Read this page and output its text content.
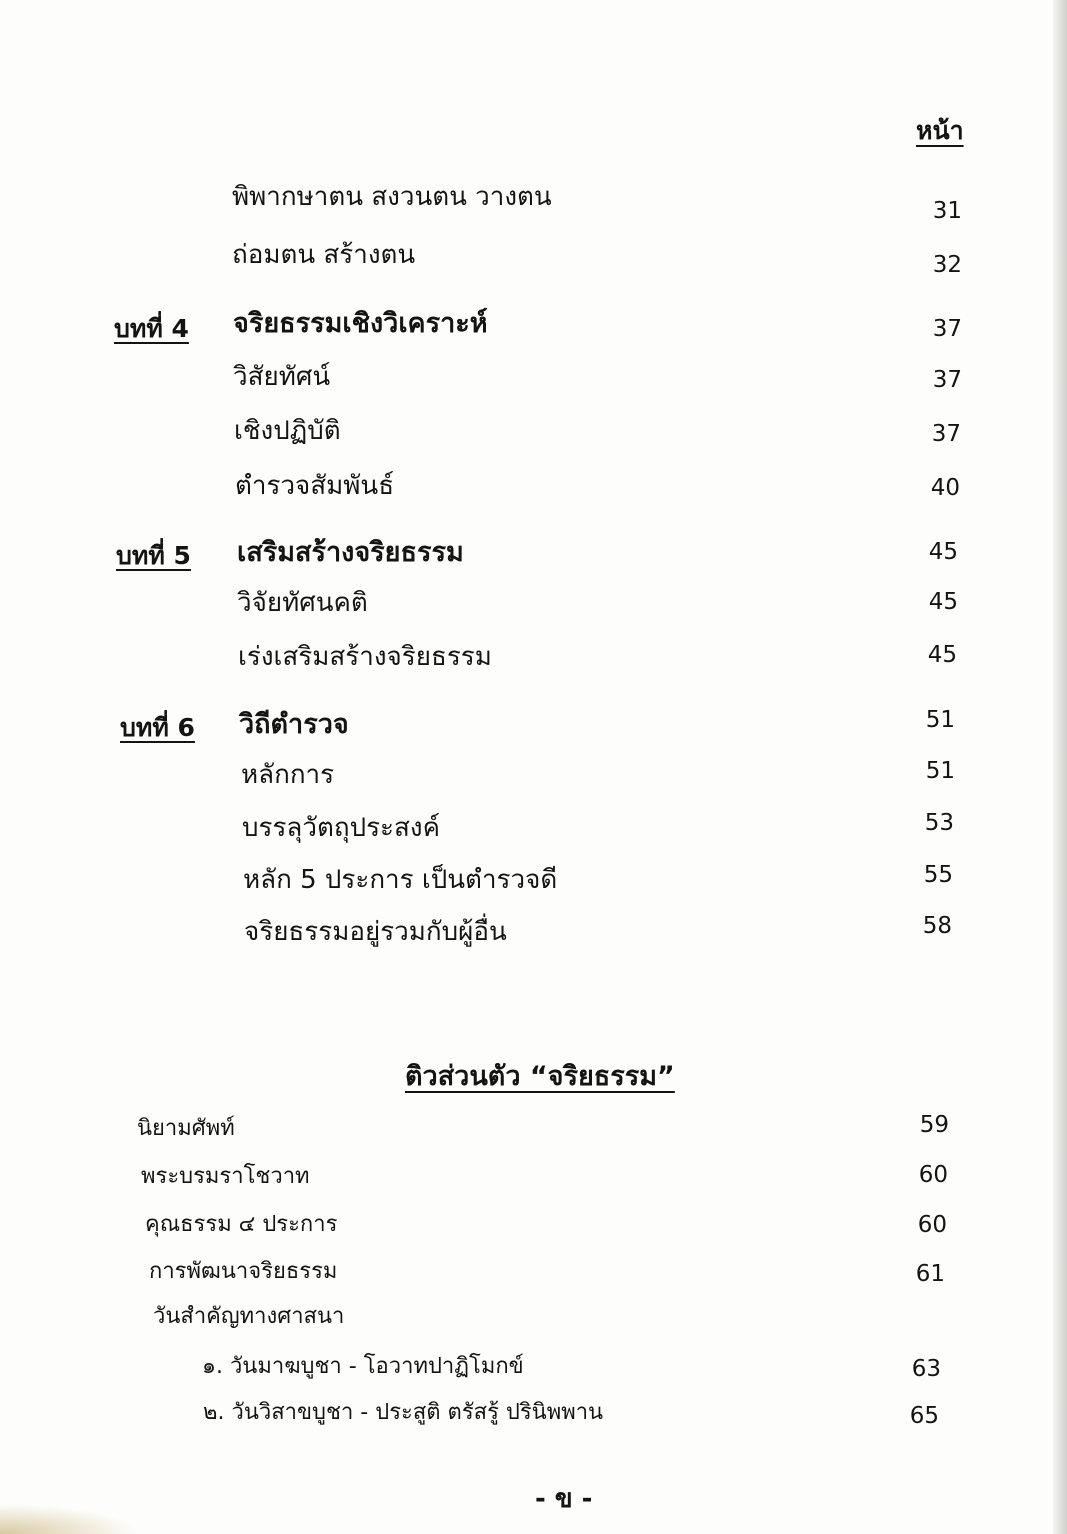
หน้า
พิพากษาตน สงวนตน วางตน	31
ถ่อมตน สร้างตน	32
บทที่ 4 จริยธรรมเชิงวิเคราะห์	37
วิสัยทัศน์	37
เชิงปฏิบัติ	37
ตำรวจสัมพันธ์	40
บทที่ 5 เสริมสร้างจริยธรรม	45
วิจัยทัศนคติ	45
เร่งเสริมสร้างจริยธรรม	45
บทที่ 6 วิถีตำรวจ	51
หลักการ	51
บรรลุวัตถุประสงค์	53
หลัก 5 ประการ เป็นตำรวจดี	55
จริยธรรมอยู่รวมกับผู้อื่น	58
ติวส่วนตัว “จริยธรรม”
นิยามศัพท์	59
พระบรมราโชวาท	60
คุณธรรม ๔ ประการ	60
การพัฒนาจริยธรรม	61
วันสำคัญทางศาสนา
๑. วันมาฆบูชา - โอวาทปาฏิโมกข์	63
๒. วันวิสาขบูชา - ประสูติ ตรัสรู้ ปรินิพพาน	65
- ข -
